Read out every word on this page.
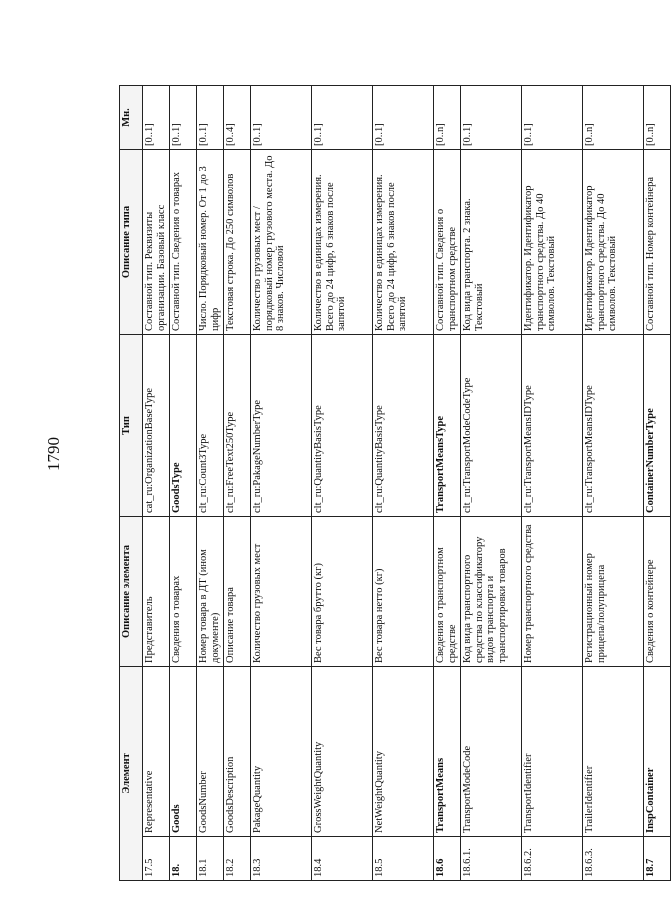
1790
Элемент		Описание элемента	Тип	Описание типа	Мн.
17.5	Representative	Представитель	cat_ru:OrganizationBaseType	Составной тип. Реквизиты организации. Базовый класс	[0..1]
18.	Goods	Сведения о товарах	GoodsType	Составной тип. Сведения о товарах	[0..1]
18.1	GoodsNumber	Номер товара в ДТ (ином документе)	clt_ru:Count3Type	Число. Порядковый номер. От 1 до 3 цифр	[0..1]
18.2	GoodsDescription	Описание товара	clt_ru:FreeText250Type	Текстовая строка. До 250 символов	[0..4]
18.3	PakageQuantity	Количество грузовых мест	clt_ru:PakageNumberType	Количество грузовых мест / порядковый номер грузового места. До 8 знаков. Числовой	[0..1]
18.4	GrossWeightQuantity	Вес товара брутто (кг)	clt_ru:QuantityBasisType	Количество в единицах измерения. Всего до 24 цифр, 6 знаков после запятой	[0..1]
18.5	NetWeightQuantity	Вес товара нетто (кг)	clt_ru:QuantityBasisType	Количество в единицах измерения. Всего до 24 цифр, 6 знаков после запятой	[0..1]
18.6	TransportMeans	Сведения о транспортном средстве	TransportMeansType	Составной тип. Сведения о транспортном средстве	[0..n]
18.6.1.	TransportModeCode	Код вида транспортного средства по классификатору видов транспорта и транспортировки товаров	clt_ru:TransportModeCodeType	Код вида транспорта. 2 знака. Текстовый	[0..1]
18.6.2.	TransportIdentifier	Номер транспортного средства	clt_ru:TransportMeansIDType	Идентификатор. Идентификатор транспортного средства. До 40 символов. Текстовый	[0..1]
18.6.3.	TrailerIdentifier	Регистрационный номер прицепа/полуприцепа	clt_ru:TransportMeansIDType	Идентификатор. Идентификатор транспортного средства. До 40 символов. Текстовый	[0..n]
18.7	InspContainer	Сведения о контейнере	ContainerNumberType	Составной тип. Номер контейнера	[0..n]
